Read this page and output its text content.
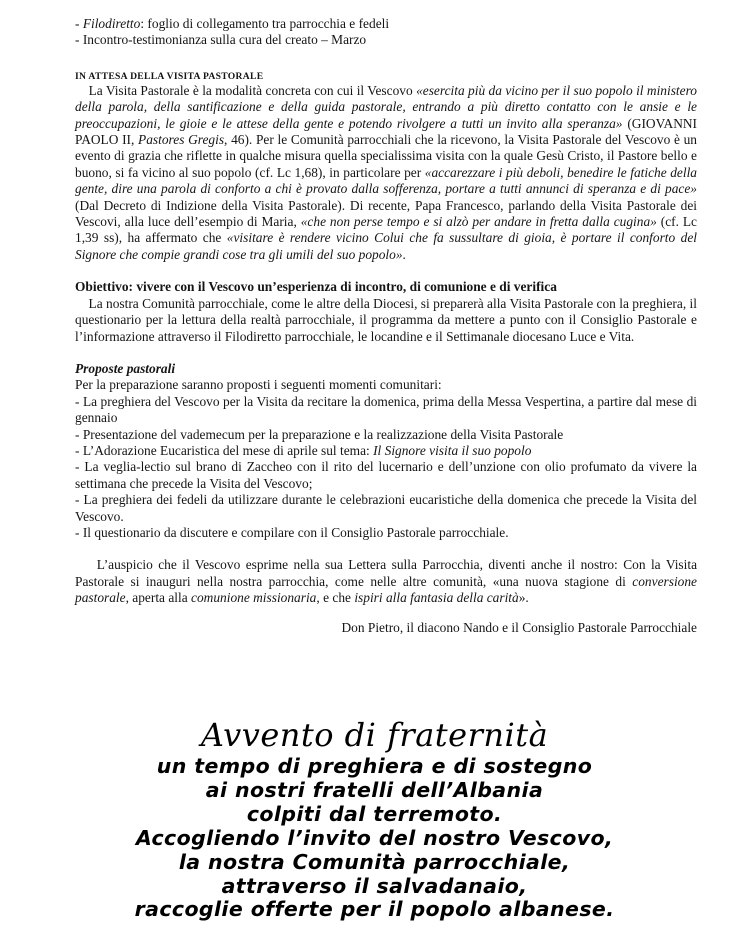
- Filodiretto: foglio di collegamento tra parrocchia e fedeli

- Incontro-testimonianza sulla cura del creato – Marzo

IN ATTESA DELLA VISITA PASTORALE

La Visita Pastorale è la modalità concreta con cui il Vescovo «esercita più da vicino per il suo popolo il ministero della parola, della santificazione e della guida pastorale, entrando a più diretto contatto con le ansie e le preoccupazioni, le gioie e le attese della gente e potendo rivolgere a tutti un invito alla speranza» (GIOVANNI PAOLO II, Pastores Gregis, 46). Per le Comunità parrocchiali che la ricevono, la Visita Pastorale del Vescovo è un evento di grazia che riflette in qualche misura quella specialissima visita con la quale Gesù Cristo, il Pastore bello e buono, si fa vicino al suo popolo (cf. Lc 1,68), in particolare per «accarezzare i più deboli, benedire le fatiche della gente, dire una parola di conforto a chi è provato dalla sofferenza, portare a tutti annunci di speranza e di pace» (Dal Decreto di Indizione della Visita Pastorale). Di recente, Papa Francesco, parlando della Visita Pastorale dei Vescovi, alla luce dell’esempio di Maria, «che non perse tempo e si alzò per andare in fretta dalla cugina» (cf. Lc 1,39 ss), ha affermato che «visitare è rendere vicino Colui che fa sussultare di gioia, è portare il conforto del Signore che compie grandi cose tra gli umili del suo popolo».

Obiettivo: vivere con il Vescovo un’esperienza di incontro, di comunione e di verifica

La nostra Comunità parrocchiale, come le altre della Diocesi, si preparerà alla Visita Pastorale con la preghiera, il questionario per la lettura della realtà parrocchiale, il programma da mettere a punto con il Consiglio Pastorale e l’informazione attraverso il Filodiretto parrocchiale, le locandine e il Settimanale diocesano Luce e Vita.

Proposte pastorali

Per la preparazione saranno proposti i seguenti momenti comunitari:

- La preghiera del Vescovo per la Visita da recitare la domenica, prima della Messa Vespertina, a partire dal mese di gennaio

- Presentazione del vademecum per la preparazione e la realizzazione della Visita Pastorale

- L’Adorazione Eucaristica del mese di aprile sul tema: Il Signore visita il suo popolo

- La veglia-lectio sul brano di Zaccheo con il rito del lucernario e dell’unzione con olio profumato da vivere la settimana che precede la Visita del Vescovo;

- La preghiera dei fedeli da utilizzare durante le celebrazioni eucaristiche della domenica che precede la Visita del Vescovo.

- Il questionario da discutere e compilare con il Consiglio Pastorale parrocchiale.

L’auspicio che il Vescovo esprime nella sua Lettera sulla Parrocchia, diventi anche il nostro: Con la Visita Pastorale si inauguri nella nostra parrocchia, come nelle altre comunità, «una nuova stagione di conversione pastorale, aperta alla comunione missionaria, e che ispiri alla fantasia della carità».

Don Pietro, il diacono Nando e il Consiglio Pastorale Parrocchiale

Avvento di fraternità
un tempo di preghiera e di sostegno
ai nostri fratelli dell’Albania
colpiti dal terremoto.
Accogliendo l’invito del nostro Vescovo,
la nostra Comunità parrocchiale,
attraverso il salvadanaio,
raccoglie offerte per il popolo albanese.
